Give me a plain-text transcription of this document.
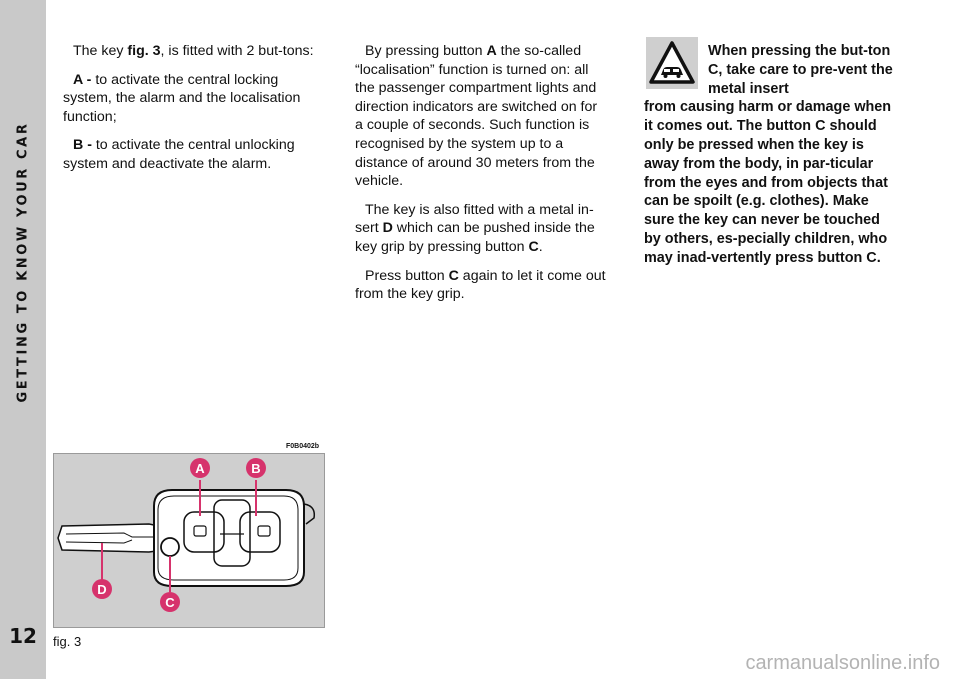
GETTING TO KNOW YOUR CAR
12

The key fig. 3, is fitted with 2 but-tons:

A - to activate the central locking system, the alarm and the localisation function;

B - to activate the central unlocking system and deactivate the alarm.

By pressing button A the so-called “localisation” function is turned on: all the passenger compartment lights and direction indicators are switched on for a couple of seconds. Such function is recognised by the system up to a distance of around 30 meters from the vehicle.

The key is also fitted with a metal in-sert D which can be pushed inside the key grip by pressing button C.

Press button C again to let it come out from the key grip.

When pressing the but-ton C, take care to pre-vent the metal insert
from causing harm or damage when it comes out. The button C should only be pressed when the key is away from the body, in par-ticular from the eyes and from objects that can be spoilt (e.g. clothes). Make sure the key can never be touched by others, es-pecially children, who may inad-vertently press button C.
F0B0402b
A	B
C
D
fig. 3
carmanualsonline.info
